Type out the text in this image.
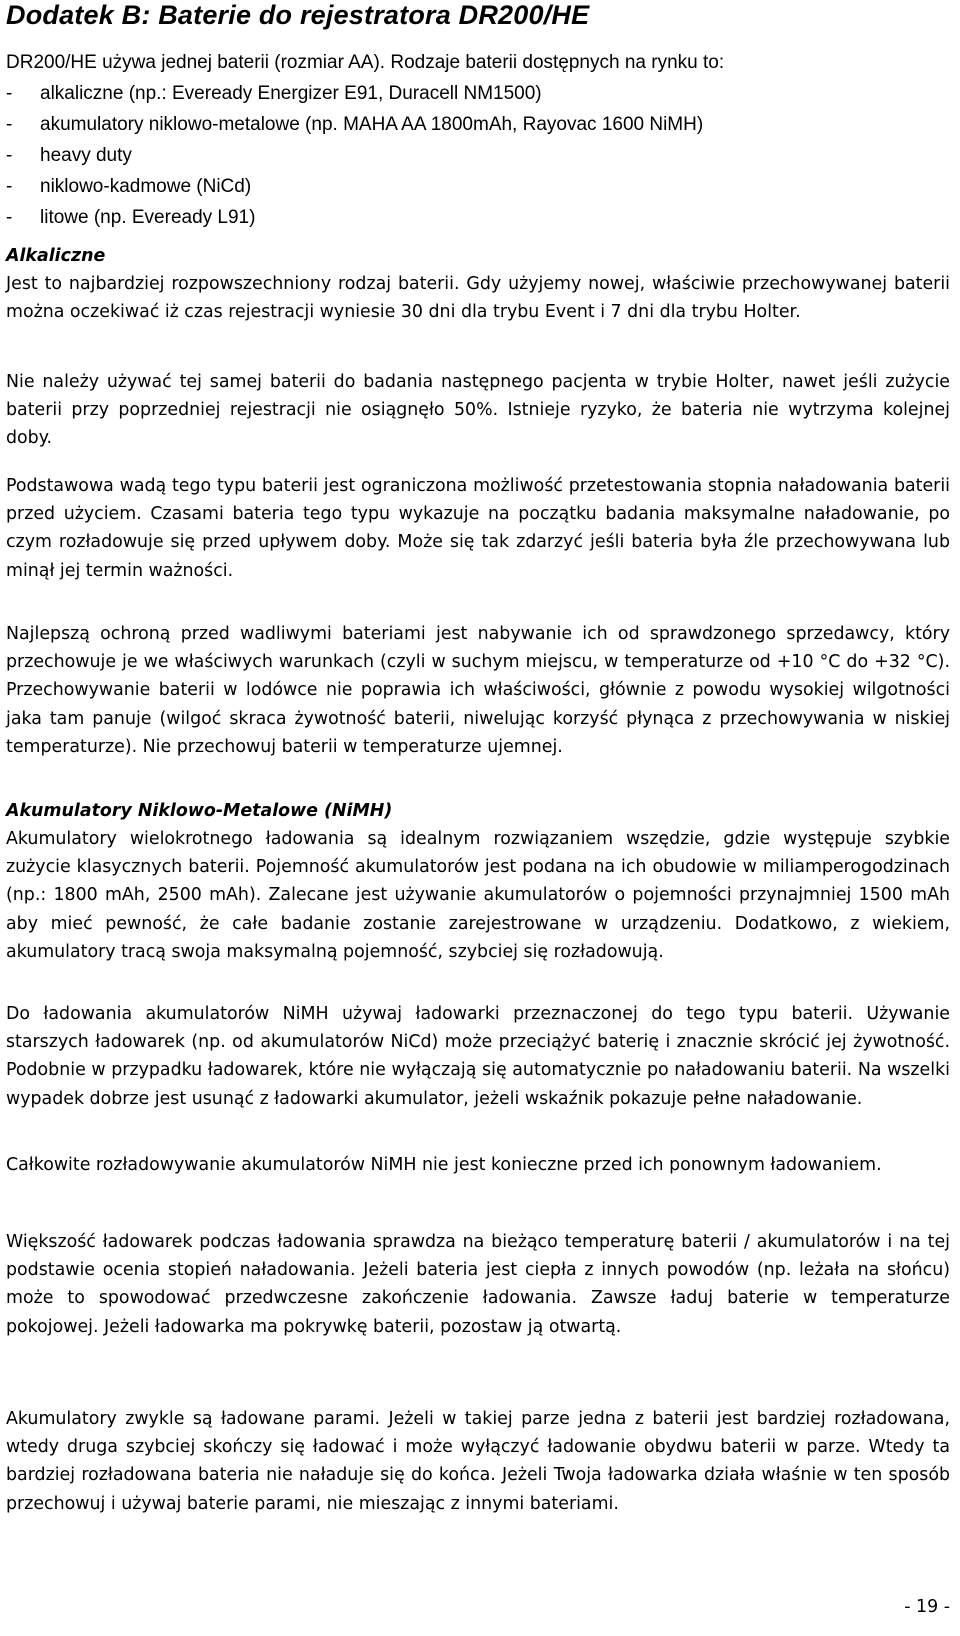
Dodatek B: Baterie do rejestratora DR200/HE
DR200/HE używa jednej baterii (rozmiar AA). Rodzaje baterii dostępnych na rynku to:
- alkaliczne (np.: Eveready Energizer E91, Duracell NM1500)
- akumulatory niklowo-metalowe (np. MAHA AA 1800mAh, Rayovac 1600 NiMH)
- heavy duty
- niklowo-kadmowe (NiCd)
- litowe (np. Eveready L91)
Alkaliczne
Jest to najbardziej rozpowszechniony rodzaj baterii. Gdy użyjemy nowej, właściwie przechowywanej baterii można oczekiwać iż czas rejestracji wyniesie 30 dni dla trybu Event i 7 dni dla trybu Holter.
Nie należy używać tej samej baterii do badania następnego pacjenta w trybie Holter, nawet jeśli zużycie baterii przy poprzedniej rejestracji nie osiągnęło 50%. Istnieje ryzyko, że bateria nie wytrzyma kolejnej doby.
Podstawowa wadą tego typu baterii jest ograniczona możliwość przetestowania stopnia naładowania baterii przed użyciem. Czasami bateria tego typu wykazuje na początku badania maksymalne naładowanie, po czym rozładowuje się przed upływem doby. Może się tak zdarzyć jeśli bateria była źle przechowywana lub minął jej termin ważności.
Najlepszą ochroną przed wadliwymi bateriami jest nabywanie ich od sprawdzonego sprzedawcy, który przechowuje je we właściwych warunkach (czyli w suchym miejscu, w temperaturze od +10 °C do +32 °C). Przechowywanie baterii w lodówce nie poprawia ich właściwości, głównie z powodu wysokiej wilgotności jaka tam panuje (wilgoć skraca żywotność baterii, niwelując korzyść płynąca z przechowywania w niskiej temperaturze). Nie przechowuj baterii w temperaturze ujemnej.
Akumulatory Niklowo-Metalowe (NiMH)
Akumulatory wielokrotnego ładowania są idealnym rozwiązaniem wszędzie, gdzie występuje szybkie zużycie klasycznych baterii. Pojemność akumulatorów jest podana na ich obudowie w miliamperogodzinach (np.: 1800 mAh, 2500 mAh). Zalecane jest używanie akumulatorów o pojemności przynajmniej 1500 mAh aby mieć pewność, że całe badanie zostanie zarejestrowane w urządzeniu. Dodatkowo, z wiekiem, akumulatory tracą swoja maksymalną pojemność, szybciej się rozładowują.
Do ładowania akumulatorów NiMH używaj ładowarki przeznaczonej do tego typu baterii. Używanie starszych ładowarek (np. od akumulatorów NiCd) może przeciążyć baterię i znacznie skrócić jej żywotność. Podobnie w przypadku ładowarek, które nie wyłączają się automatycznie po naładowaniu baterii. Na wszelki wypadek dobrze jest usunąć z ładowarki akumulator, jeżeli wskaźnik pokazuje pełne naładowanie.
Całkowite rozładowywanie akumulatorów NiMH nie jest konieczne przed ich ponownym ładowaniem.
Większość ładowarek podczas ładowania sprawdza na bieżąco temperaturę baterii / akumulatorów i na tej podstawie ocenia stopień naładowania. Jeżeli bateria jest ciepła z innych powodów (np. leżała na słońcu) może to spowodować przedwczesne zakończenie ładowania. Zawsze ładuj baterie w temperaturze pokojowej. Jeżeli ładowarka ma pokrywkę baterii, pozostaw ją otwartą.
Akumulatory zwykle są ładowane parami. Jeżeli w takiej parze jedna z baterii jest bardziej rozładowana, wtedy druga szybciej skończy się ładować i może wyłączyć ładowanie obydwu baterii w parze. Wtedy ta bardziej rozładowana bateria nie naładuje się do końca. Jeżeli Twoja ładowarka działa właśnie w ten sposób przechowuj i używaj baterie parami, nie mieszając z innymi bateriami.
- 19 -
